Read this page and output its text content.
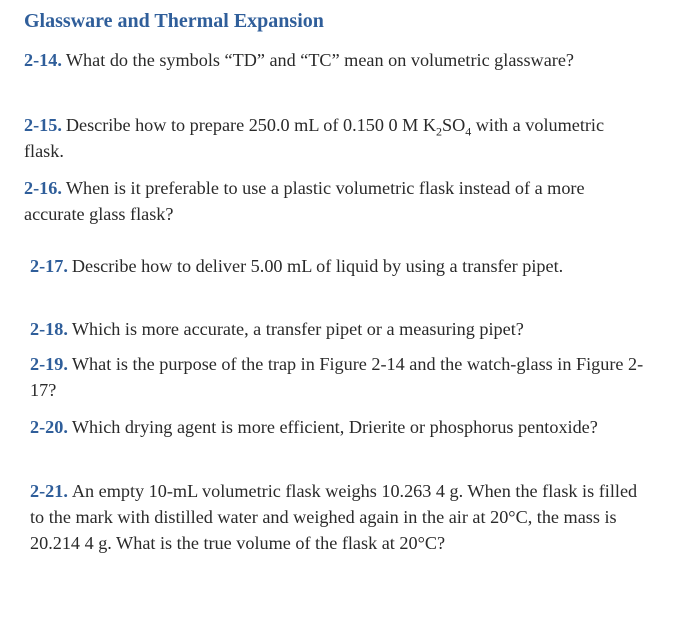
Glassware and Thermal Expansion

2-14. What do the symbols “TD” and “TC” mean on volumetric glassware?

2-15. Describe how to prepare 250.0 mL of 0.150 0 M $K_2SO_4$ with a volumetric flask.

2-16. When is it preferable to use a plastic volumetric flask instead of a more accurate glass flask?

2-17. Describe how to deliver 5.00 mL of liquid by using a transfer pipet.

2-18. Which is more accurate, a transfer pipet or a measuring pipet?

2-19. What is the purpose of the trap in Figure 2-14 and the watch-glass in Figure 2-17?

2-20. Which drying agent is more efficient, Drierite or phosphorus pentoxide?

2-21. An empty 10-mL volumetric flask weighs 10.263 4 g. When the flask is filled to the mark with distilled water and weighed again in the air at 20°C, the mass is 20.214 4 g. What is the true volume of the flask at 20°C?
